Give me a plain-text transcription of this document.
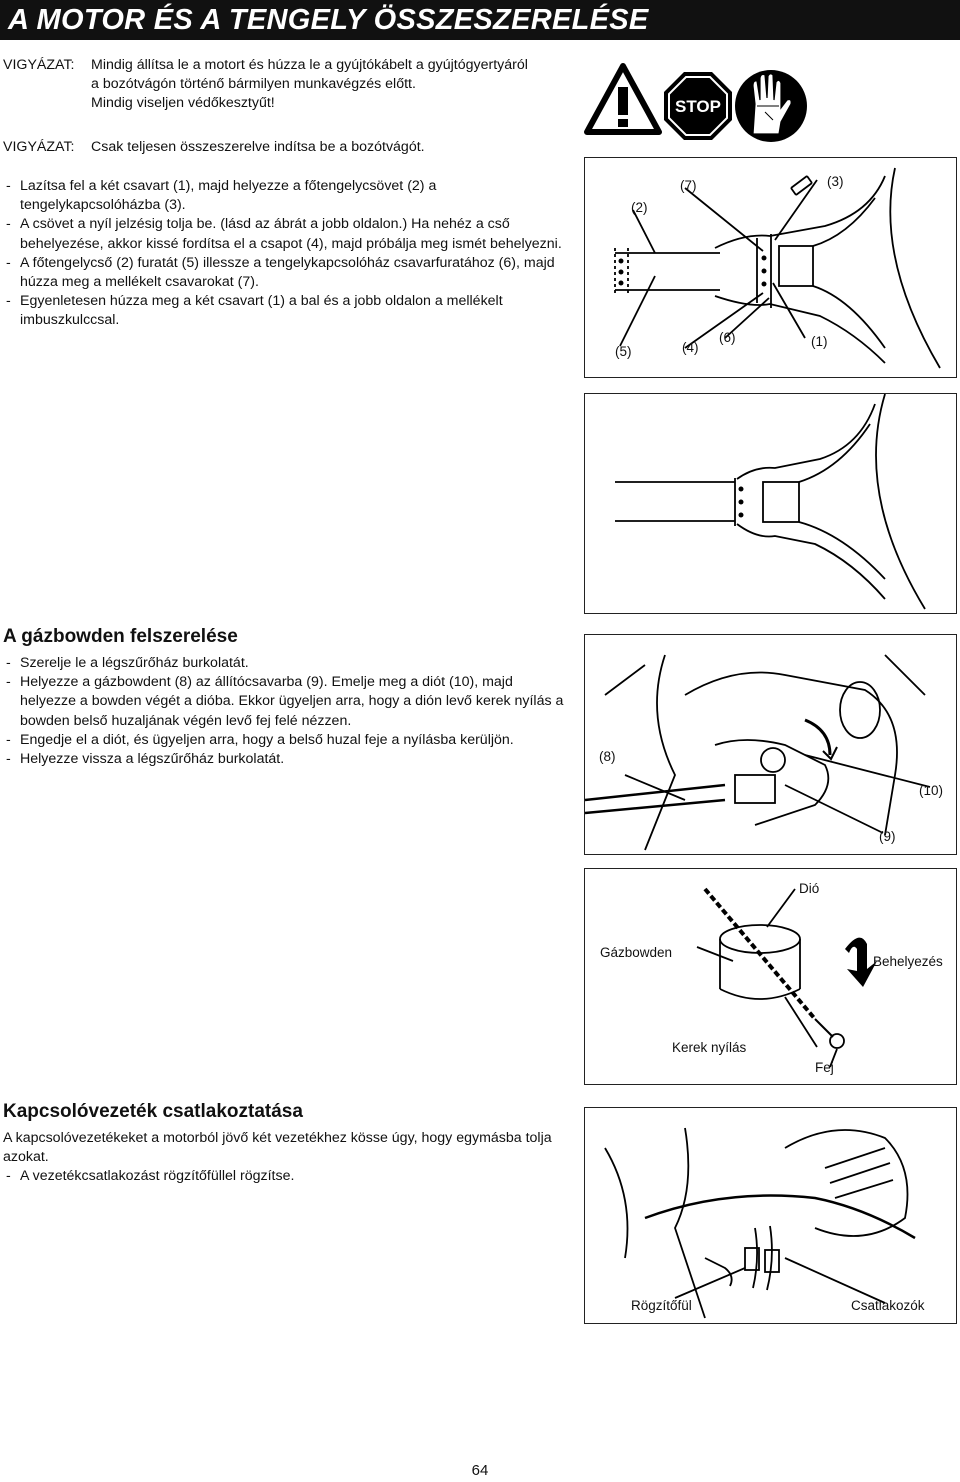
A MOTOR ÉS A TENGELY ÖSSZESZERELÉSE
VIGYÁZAT: Mindig állítsa le a motort és húzza le a gyújtókábelt a gyújtógyertyáról
a bozótvágón történő bármilyen munkavégzés előtt.
Mindig viseljen védőkesztyűt!
VIGYÁZAT: Csak teljesen összeszerelve indítsa be a bozótvágót.
STOP
- Lazítsa fel a két csavart (1), majd helyezze a főtengelycsövet (2) a tengelykapcsolóházba (3).
- A csövet a nyíl jelzésig tolja be. (lásd az ábrát a jobb oldalon.) Ha nehéz a cső behelyezése, akkor kissé fordítsa el a csapot (4), majd próbálja meg ismét behelyezni.
- A főtengelycső (2) furatát (5) illessze a tengelykapcsolóház csavarfuratához (6), majd húzza meg a mellékelt csavarokat (7).
- Egyenletesen húzza meg a két csavart (1) a bal és a jobb oldalon a mellékelt imbuszkulccsal.
(2)
(7)	(3)
(5)	(4)
(6)	(1)
A gázbowden felszerelése
- Szerelje le a légszűrőház burkolatát.
- Helyezze a gázbowdent (8) az állítócsavarba (9). Emelje meg a diót (10), majd helyezze a bowden végét a dióba. Ekkor ügyeljen arra, hogy a dión levő kerek nyílás a bowden belső huzaljának végén levő fej felé nézzen.
- Engedje el a diót, és ügyeljen arra, hogy a belső huzal feje a nyílásba kerüljön.
- Helyezze vissza a légszűrőház burkolatát.	(8)
(10)
(9)
Dió
Gázbowden
Behelyezés
Kerek nyílás
Fej
Kapcsolóvezeték csatlakoztatása
A kapcsolóvezetékeket a motorból jövő két vezetékhez kösse úgy, hogy egymásba tolja azokat.
- A vezetékcsatlakozást rögzítőfüllel rögzítse.
Rögzítőfül	Csatlakozók
64
